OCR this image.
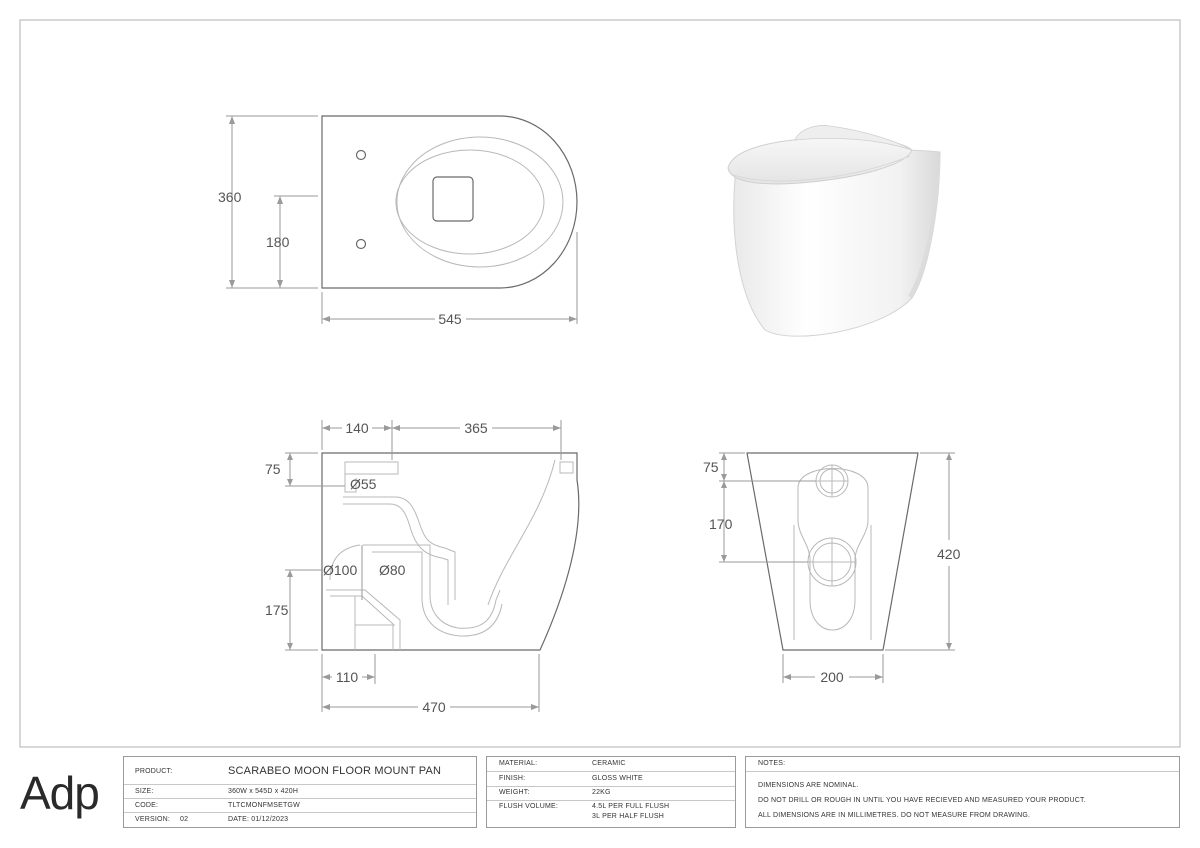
360
180
545
140	365
75
Ø55
Ø100 Ø80
175
110
470
75
170
420
200
Adp	PRODUCT:	SCARABEO MOON FLOOR MOUNT PAN
SIZE:	360W x 545D x 420H
CODE:	TLTCMONFMSETGW
VERSION: 02	DATE: 01/12/2023
MATERIAL:	CERAMIC
FINISH:	GLOSS WHITE
WEIGHT:	22KG
FLUSH VOLUME:	4.5L PER FULL FLUSH
3L PER HALF FLUSH
NOTES:
DIMENSIONS ARE NOMINAL.
DO NOT DRILL OR ROUGH IN UNTIL YOU HAVE RECIEVED AND MEASURED YOUR PRODUCT.
ALL DIMENSIONS ARE IN MILLIMETRES. DO NOT MEASURE FROM DRAWING.
